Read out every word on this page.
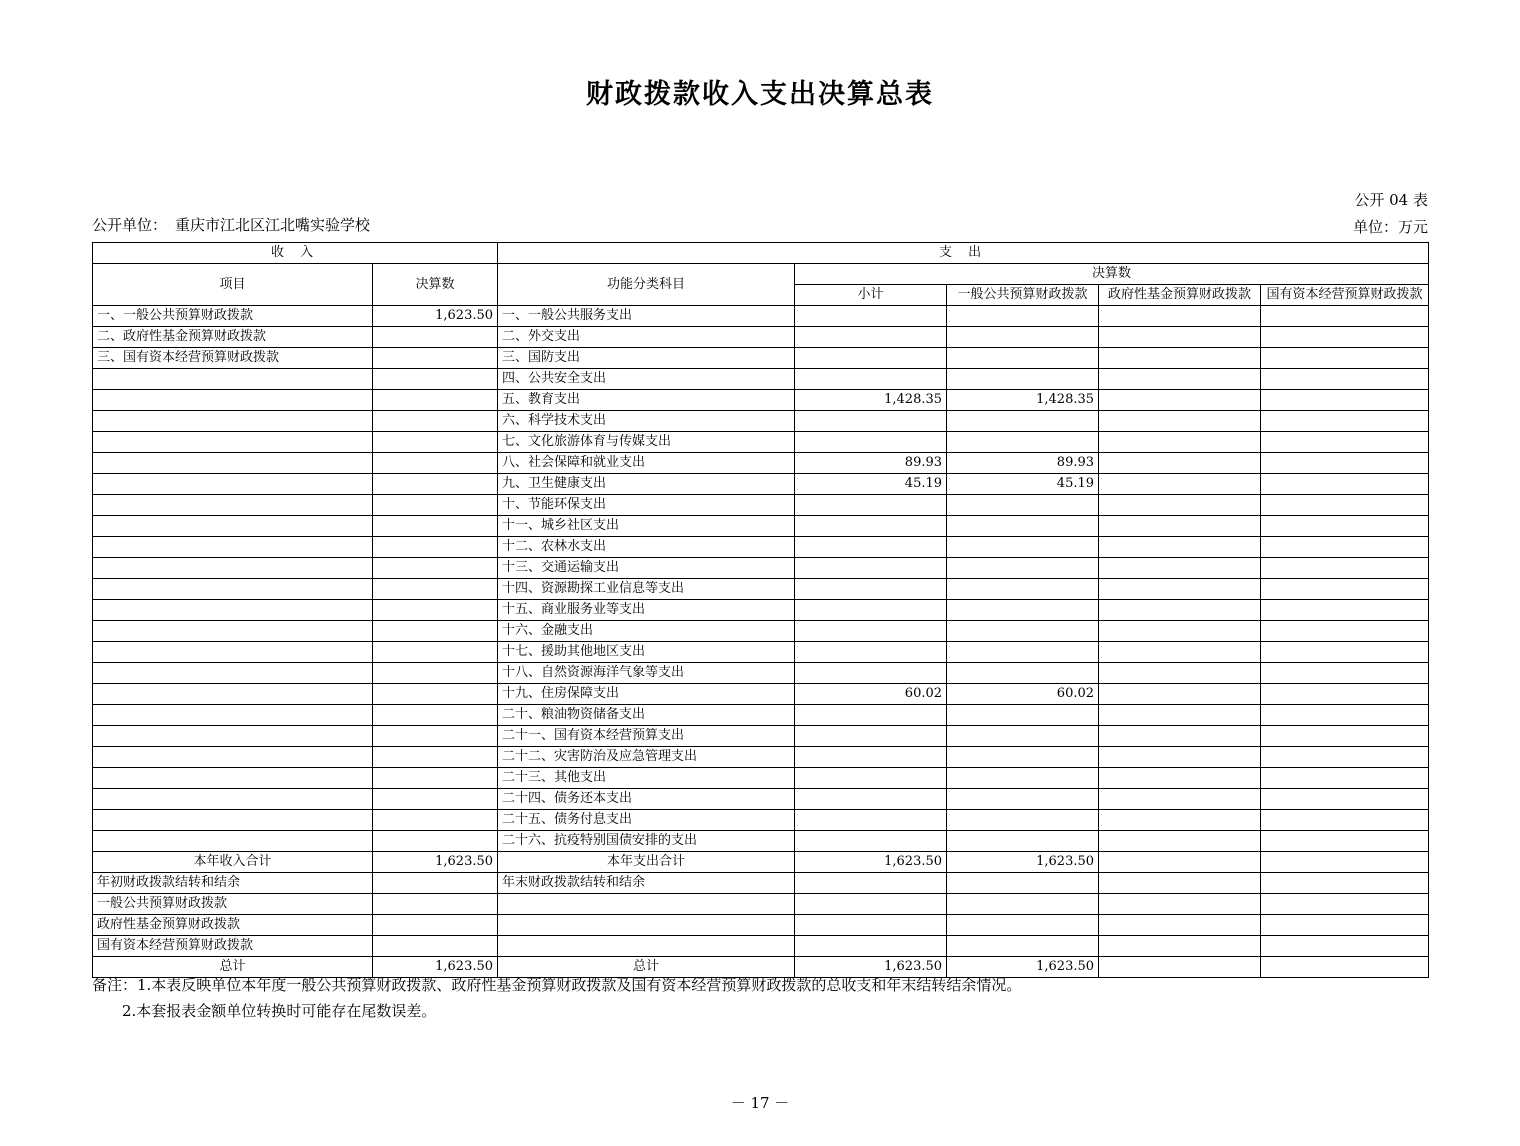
财政拨款收入支出决算总表
公开 04 表
单位：万元
公开单位： 重庆市江北区江北嘴实验学校
收 入		支 出				
项目	决算数	功能分类科目	决算数			
			小计	一般公共预算财政拨款	政府性基金预算财政拨款	国有资本经营预算财政拨款
一、一般公共预算财政拨款	1,623.50	一、一般公共服务支出				
二、政府性基金预算财政拨款		二、外交支出				
三、国有资本经营预算财政拨款		三、国防支出				
		四、公共安全支出				
		五、教育支出	1,428.35	1,428.35		
		六、科学技术支出				
		七、文化旅游体育与传媒支出				
		八、社会保障和就业支出	89.93	89.93		
		九、卫生健康支出	45.19	45.19		
		十、节能环保支出				
		十一、城乡社区支出				
		十二、农林水支出				
		十三、交通运输支出				
		十四、资源勘探工业信息等支出				
		十五、商业服务业等支出				
		十六、金融支出				
		十七、援助其他地区支出				
		十八、自然资源海洋气象等支出				
		十九、住房保障支出	60.02	60.02		
		二十、粮油物资储备支出				
		二十一、国有资本经营预算支出				
		二十二、灾害防治及应急管理支出				
		二十三、其他支出				
		二十四、债务还本支出				
		二十五、债务付息支出				
		二十六、抗疫特别国债安排的支出				
本年收入合计	1,623.50	本年支出合计	1,623.50	1,623.50		
年初财政拨款结转和结余		年末财政拨款结转和结余				
一般公共预算财政拨款						
政府性基金预算财政拨款						
国有资本经营预算财政拨款						
总计	1,623.50	总计	1,623.50	1,623.50		
备注：1.本表反映单位本年度一般公共预算财政拨款、政府性基金预算财政拨款及国有资本经营预算财政拨款的总收支和年末结转结余情况。
2.本套报表金额单位转换时可能存在尾数误差。
－ 17 －
